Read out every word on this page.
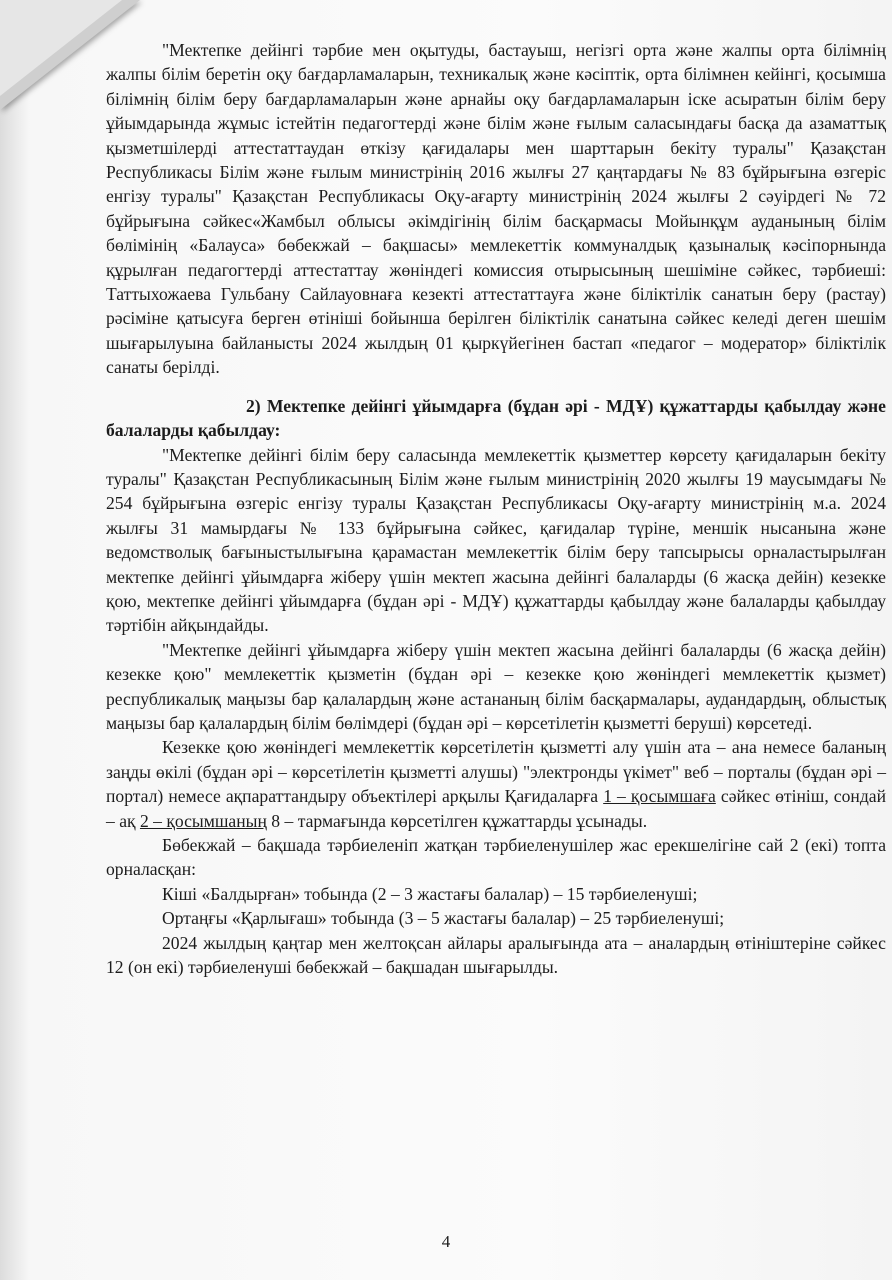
"Мектепке дейінгі тәрбие мен оқытуды, бастауыш, негізгі орта және жалпы орта білімнің жалпы білім беретін оқу бағдарламаларын, техникалық және кәсіптік, орта білімнен кейінгі, қосымша білімнің білім беру бағдарламаларын және арнайы оқу бағдарламаларын іске асыратын білім беру ұйымдарында жұмыс істейтін педагогтерді және білім және ғылым саласындағы басқа да азаматтық қызметшілерді аттестаттаудан өткізу қағидалары мен шарттарын бекіту туралы" Қазақстан Республикасы Білім және ғылым министрінің 2016 жылғы 27 қаңтардағы № 83 бұйрығына өзгеріс енгізу туралы" Қазақстан Республикасы Оқу-ағарту министрінің 2024 жылғы 2 сәуірдегі № 72 бұйрығына сәйкес«Жамбыл облысы әкімдігінің білім басқармасы Мойынқұм ауданының білім бөлімінің «Балауса» бөбекжай – бақшасы» мемлекеттік коммуналдық қазыналық кәсіпорнында құрылған педагогтерді аттестаттау жөніндегі комиссия отырысының шешіміне сәйкес, тәрбиеші: Таттыхожаева Гульбану Сайлауовнаға кезекті аттестаттауға және біліктілік санатын беру (растау) рәсіміне қатысуға берген өтініші бойынша берілген біліктілік санатына сәйкес келеді деген шешім шығарылуына байланысты 2024 жылдың 01 қыркүйегінен бастап «педагог – модератор» біліктілік санаты берілді.

2) Мектепке дейінгі ұйымдарға (бұдан әрі - МДҰ) құжаттарды қабылдау және балаларды қабылдау:

"Мектепке дейінгі білім беру саласында мемлекеттік қызметтер көрсету қағидаларын бекіту туралы" Қазақстан Республикасының Білім және ғылым министрінің 2020 жылғы 19 маусымдағы № 254 бұйрығына өзгеріс енгізу туралы Қазақстан Республикасы Оқу-ағарту министрінің м.а. 2024 жылғы 31 мамырдағы № 133 бұйрығына сәйкес, қағидалар түріне, меншік нысанына және ведомстволық бағыныстылығына қарамастан мемлекеттік білім беру тапсырысы орналастырылған мектепке дейінгі ұйымдарға жіберу үшін мектеп жасына дейінгі балаларды (6 жасқа дейін) кезекке қою, мектепке дейінгі ұйымдарға (бұдан әрі - МДҰ) құжаттарды қабылдау және балаларды қабылдау тәртібін айқындайды.

"Мектепке дейінгі ұйымдарға жіберу үшін мектеп жасына дейінгі балаларды (6 жасқа дейін) кезекке қою" мемлекеттік қызметін (бұдан әрі – кезекке қою жөніндегі мемлекеттік қызмет) республикалық маңызы бар қалалардың және астананың білім басқармалары, аудандардың, облыстық маңызы бар қалалардың білім бөлімдері (бұдан әрі – көрсетілетін қызметті беруші) көрсетеді.

Кезекке қою жөніндегі мемлекеттік көрсетілетін қызметті алу үшін ата – ана немесе баланың заңды өкілі (бұдан әрі – көрсетілетін қызметті алушы) "электронды үкімет" веб – порталы (бұдан әрі – портал) немесе ақпараттандыру объектілері арқылы Қағидаларға 1 – қосымшаға сәйкес өтініш, сондай – ақ 2 – қосымшаның 8 – тармағында көрсетілген құжаттарды ұсынады.

Бөбекжай – бақшада тәрбиеленіп жатқан тәрбиеленушілер жас ерекшелігіне сай 2 (екі) топта орналасқан:

Кіші «Балдырған» тобында (2 – 3 жастағы балалар) – 15 тәрбиеленуші;

Ортаңғы «Қарлығаш» тобында (3 – 5 жастағы балалар) – 25 тәрбиеленуші;

2024 жылдың қаңтар мен желтоқсан айлары аралығында ата – аналардың өтініштеріне сәйкес 12 (он екі) тәрбиеленуші бөбекжай – бақшадан шығарылды.

4
